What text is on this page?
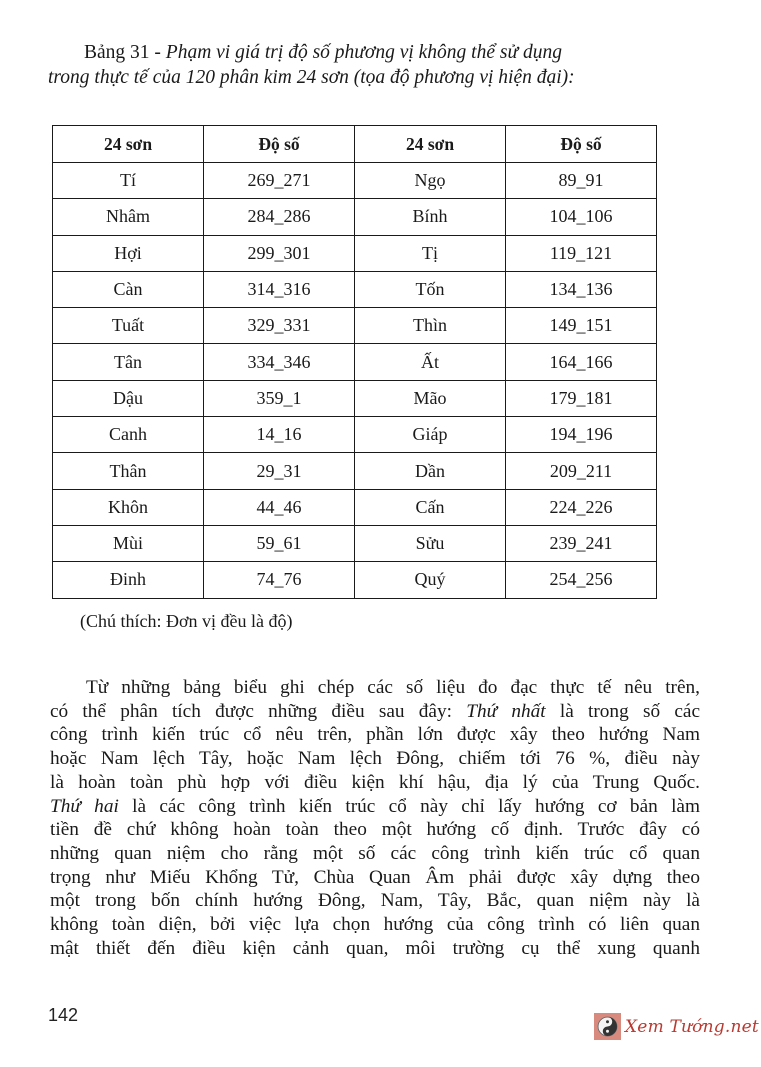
Bảng 31 - Phạm vi giá trị độ số phương vị không thể sử dụng
trong thực tế của 120 phân kim 24 sơn (tọa độ phương vị hiện đại):
24 sơn	Độ số	24 sơn	Độ số
Tí	269_271	Ngọ	89_91
Nhâm	284_286	Bính	104_106
Hợi	299_301	Tị	119_121
Càn	314_316	Tốn	134_136
Tuất	329_331	Thìn	149_151
Tân	334_346	Ất	164_166
Dậu	359_1	Mão	179_181
Canh	14_16	Giáp	194_196
Thân	29_31	Dần	209_211
Khôn	44_46	Cấn	224_226
Mùi	59_61	Sửu	239_241
Đinh	74_76	Quý	254_256
(Chú thích: Đơn vị đều là độ)
Từ những bảng biểu ghi chép các số liệu đo đạc thực tế nêu trên,
có thể phân tích được những điều sau đây: Thứ nhất là trong số các
công trình kiến trúc cổ nêu trên, phần lớn được xây theo hướng Nam
hoặc Nam lệch Tây, hoặc Nam lệch Đông, chiếm tới 76 %, điều này
là hoàn toàn phù hợp với điều kiện khí hậu, địa lý của Trung Quốc.
Thứ hai là các công trình kiến trúc cổ này chỉ lấy hướng cơ bản làm
tiền đề chứ không hoàn toàn theo một hướng cố định. Trước đây có
những quan niệm cho rằng một số các công trình kiến trúc cổ quan
trọng như Miếu Khổng Tử, Chùa Quan Âm phải được xây dựng theo
một trong bốn chính hướng Đông, Nam, Tây, Bắc, quan niệm này là
không toàn diện, bởi việc lựa chọn hướng của công trình có liên quan
mật thiết đến điều kiện cảnh quan, môi trường cụ thể xung quanh
142
Xem Tướng.net
